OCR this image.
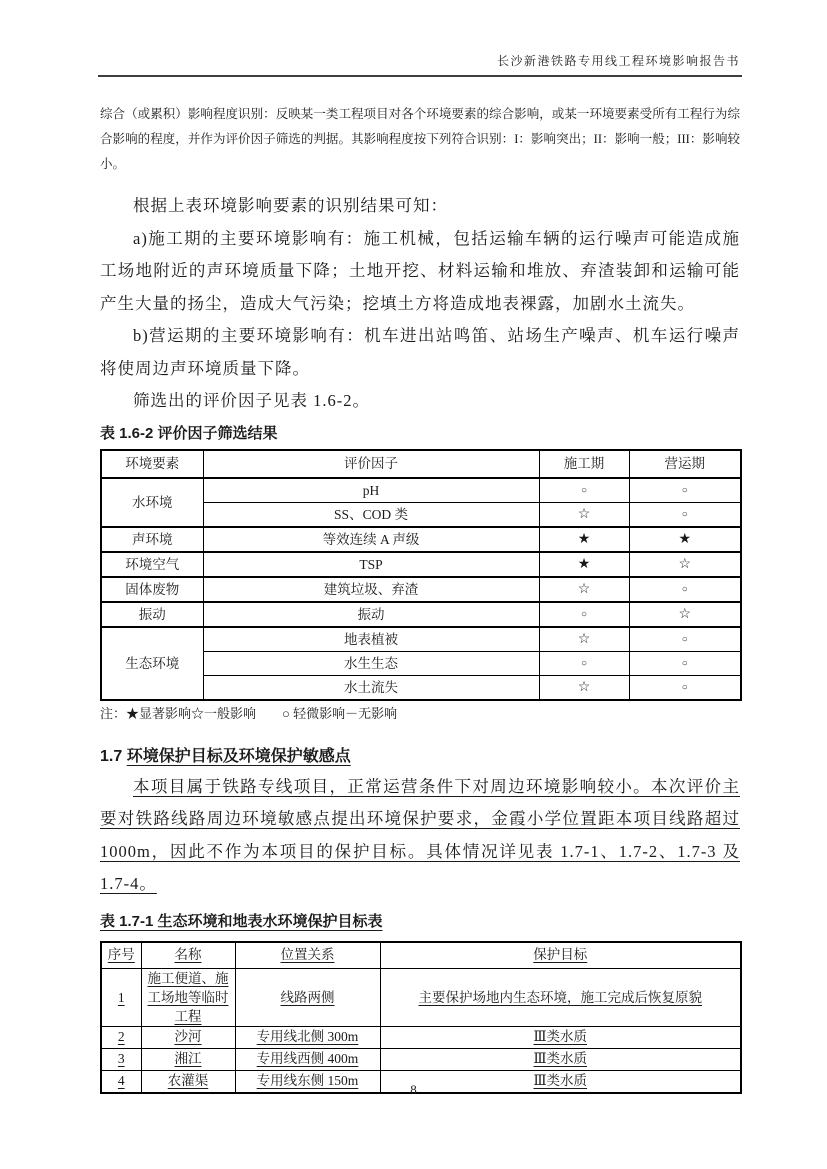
长沙新港铁路专用线工程环境影响报告书

综合（或累积）影响程度识别：反映某一类工程项目对各个环境要素的综合影响，或某一环境要素受所有工程行为综合影响的程度，并作为评价因子筛选的判据。其影响程度按下列符合识别：I：影响突出；II：影响一般；III：影响较小。

根据上表环境影响要素的识别结果可知：

a)施工期的主要环境影响有：施工机械，包括运输车辆的运行噪声可能造成施工场地附近的声环境质量下降；土地开挖、材料运输和堆放、弃渣装卸和运输可能产生大量的扬尘，造成大气污染；挖填土方将造成地表裸露，加剧水土流失。

b)营运期的主要环境影响有：机车进出站鸣笛、站场生产噪声、机车运行噪声将使周边声环境质量下降。

筛选出的评价因子见表 1.6-2。

表 1.6-2 评价因子筛选结果
环境要素	评价因子	施工期	营运期
水环境	pH	○	○
	SS、COD 类	☆	○
声环境	等效连续 A 声级	★	★
环境空气	TSP	★	☆
固体废物	建筑垃圾、弃渣	☆	○
振动	振动	○	☆
生态环境	地表植被	☆	○
	水生生态	○	○
	水土流失	☆	○
注：★显著影响☆一般影响　　○ 轻微影响－无影响
1.7 环境保护目标及环境保护敏感点

本项目属于铁路专线项目，正常运营条件下对周边环境影响较小。本次评价主要对铁路线路周边环境敏感点提出环境保护要求，金霞小学位置距本项目线路超过1000m，因此不作为本项目的保护目标。具体情况详见表 1.7-1、1.7-2、1.7-3 及 1.7-4。

表 1.7-1 生态环境和地表水环境保护目标表
序号	名称	位置关系	保护目标
1	施工便道、施工场地等临时工程	线路两侧	主要保护场地内生态环境，施工完成后恢复原貌
2	沙河	专用线北侧 300m	Ⅲ类水质
3	湘江	专用线西侧 400m	Ⅲ类水质
4	农灌渠	专用线东侧 150m	Ⅲ类水质
8
